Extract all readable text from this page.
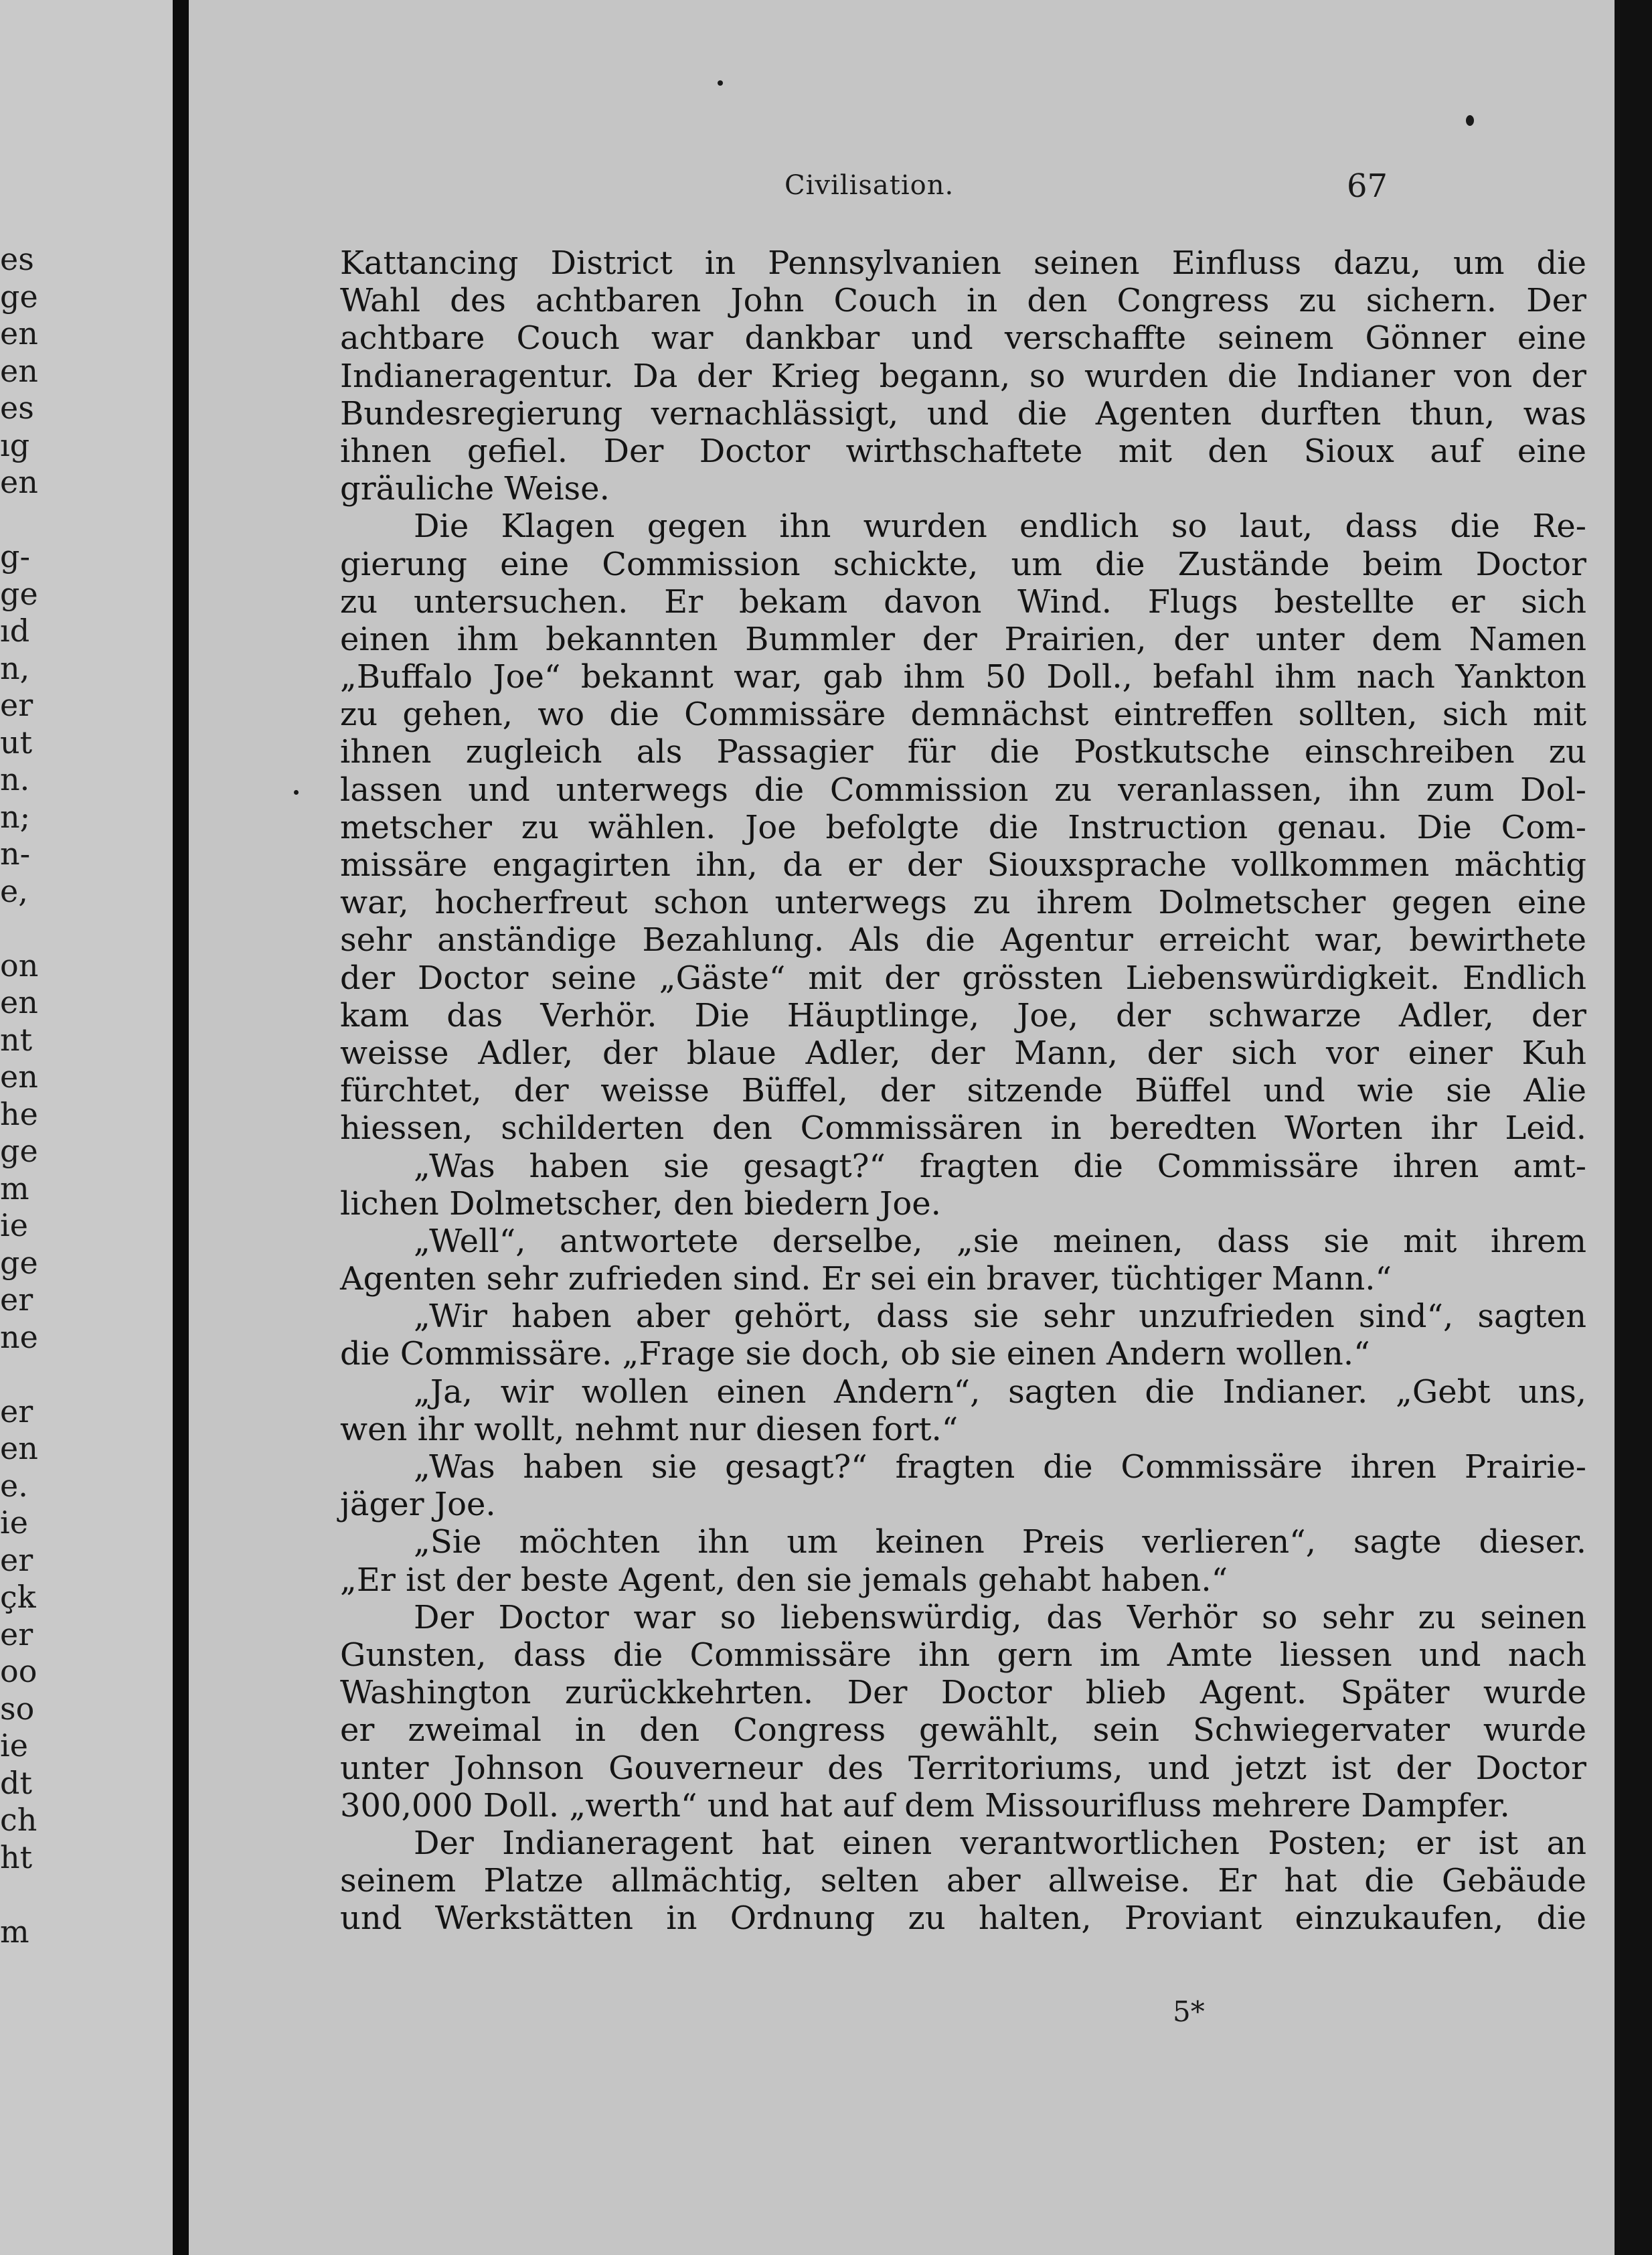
es
ge
en
en
es
ıg
en
g-
ge
ıd
n,
er
ut
n.
n;
n-
e,
on
en
nt
en
he
ge
m
ie
ge
er
ne
er
en
e.
ie
er
çk
er
oo
so
ie
dt
ch
ht
m
Civilisation.	67
Kattancing District in Pennsylvanien seinen Einfluss dazu, um die
Wahl des achtbaren John Couch in den Congress zu sichern. Der
achtbare Couch war dankbar und verschaffte seinem Gönner eine
Indianeragentur. Da der Krieg begann, so wurden die Indianer von der
Bundesregierung vernachlässigt, und die Agenten durften thun, was
ihnen gefiel. Der Doctor wirthschaftete mit den Sioux auf eine
gräuliche Weise.
Die Klagen gegen ihn wurden endlich so laut, dass die Re-
gierung eine Commission schickte, um die Zustände beim Doctor
zu untersuchen. Er bekam davon Wind. Flugs bestellte er sich
einen ihm bekannten Bummler der Prairien, der unter dem Namen
„Buffalo Joe“ bekannt war, gab ihm 50 Doll., befahl ihm nach Yankton
zu gehen, wo die Commissäre demnächst eintreffen sollten, sich mit
ihnen zugleich als Passagier für die Postkutsche einschreiben zu
lassen und unterwegs die Commission zu veranlassen, ihn zum Dol-
metscher zu wählen. Joe befolgte die Instruction genau. Die Com-
missäre engagirten ihn, da er der Siouxsprache vollkommen mächtig
war, hocherfreut schon unterwegs zu ihrem Dolmetscher gegen eine
sehr anständige Bezahlung. Als die Agentur erreicht war, bewirthete
der Doctor seine „Gäste“ mit der grössten Liebenswürdigkeit. Endlich
kam das Verhör. Die Häuptlinge, Joe, der schwarze Adler, der
weisse Adler, der blaue Adler, der Mann, der sich vor einer Kuh
fürchtet, der weisse Büffel, der sitzende Büffel und wie sie Alie
hiessen, schilderten den Commissären in beredten Worten ihr Leid.
„Was haben sie gesagt?“ fragten die Commissäre ihren amt-
lichen Dolmetscher, den biedern Joe.
„Well“, antwortete derselbe, „sie meinen, dass sie mit ihrem
Agenten sehr zufrieden sind. Er sei ein braver, tüchtiger Mann.“
„Wir haben aber gehört, dass sie sehr unzufrieden sind“, sagten
die Commissäre. „Frage sie doch, ob sie einen Andern wollen.“
„Ja, wir wollen einen Andern“, sagten die Indianer. „Gebt uns,
wen ihr wollt, nehmt nur diesen fort.“
„Was haben sie gesagt?“ fragten die Commissäre ihren Prairie-
jäger Joe.
„Sie möchten ihn um keinen Preis verlieren“, sagte dieser.
„Er ist der beste Agent, den sie jemals gehabt haben.“
Der Doctor war so liebenswürdig, das Verhör so sehr zu seinen
Gunsten, dass die Commissäre ihn gern im Amte liessen und nach
Washington zurückkehrten. Der Doctor blieb Agent. Später wurde
er zweimal in den Congress gewählt, sein Schwiegervater wurde
unter Johnson Gouverneur des Territoriums, und jetzt ist der Doctor
300,000 Doll. „werth“ und hat auf dem Missourifluss mehrere Dampfer.
Der Indianeragent hat einen verantwortlichen Posten; er ist an
seinem Platze allmächtig, selten aber allweise. Er hat die Gebäude
und Werkstätten in Ordnung zu halten, Proviant einzukaufen, die
5*
